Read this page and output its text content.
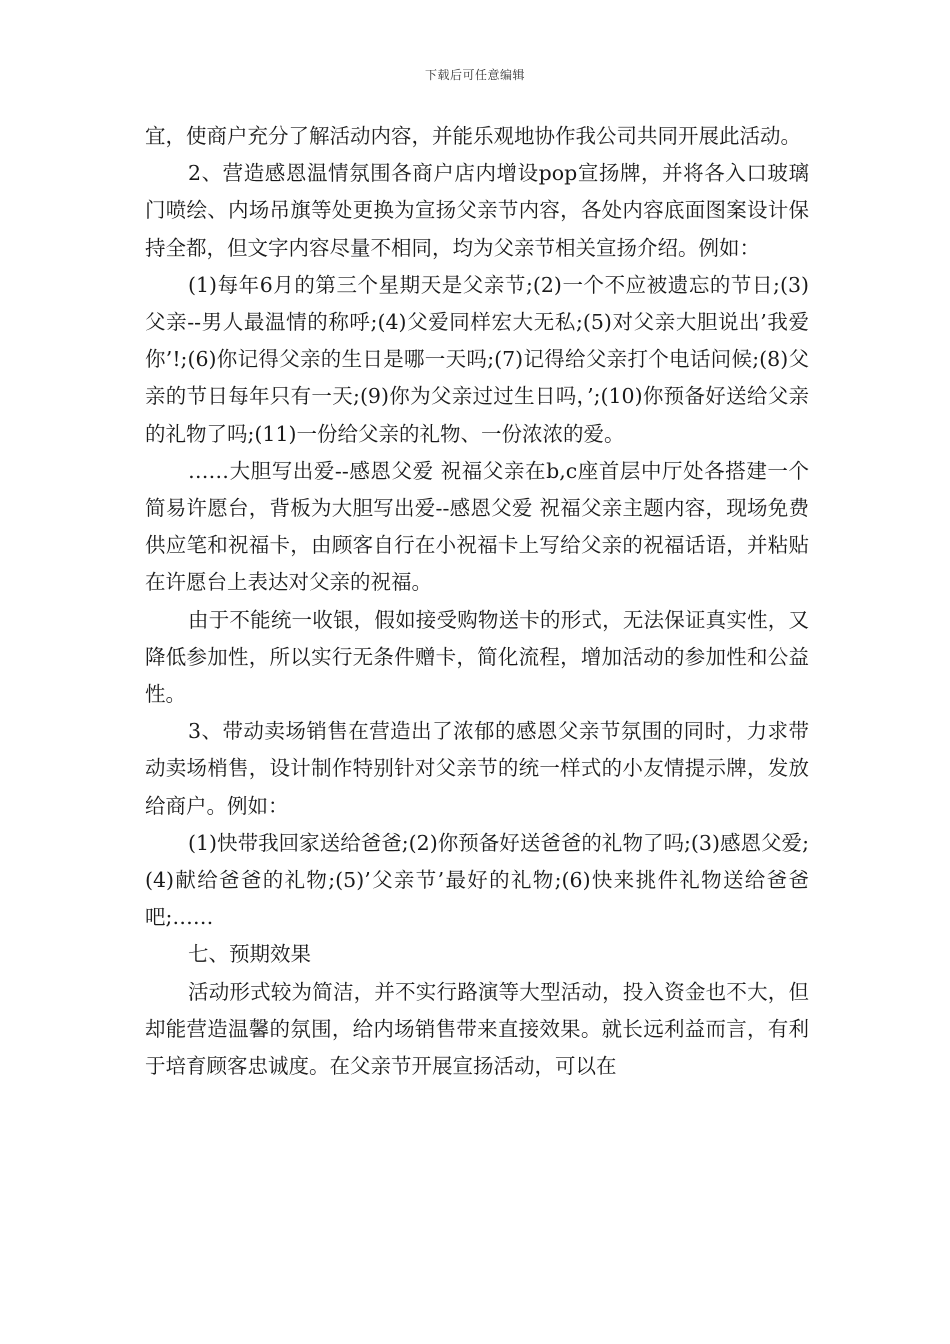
下载后可任意编辑

宜，使商户充分了解活动内容，并能乐观地协作我公司共同开展此活动。

2、营造感恩温情氛围各商户店内增设pop宣扬牌，并将各入口玻璃门喷绘、内场吊旗等处更换为宣扬父亲节内容，各处内容底面图案设计保持全都，但文字内容尽量不相同，均为父亲节相关宣扬介绍。例如：

(1)每年6月的第三个星期天是父亲节;(2)一个不应被遗忘的节日;(3)父亲--男人最温情的称呼;(4)父爱同样宏大无私;(5)对父亲大胆说出’我爱你’!;(6)你记得父亲的生日是哪一天吗;(7)记得给父亲打个电话问候;(8)父亲的节日每年只有一天;(9)你为父亲过过生日吗，’;(10)你预备好送给父亲的礼物了吗;(11)一份给父亲的礼物、一份浓浓的爱。

……大胆写出爱--感恩父爱 祝福父亲在b,c座首层中厅处各搭建一个简易许愿台，背板为大胆写出爱--感恩父爱 祝福父亲主题内容，现场免费供应笔和祝福卡，由顾客自行在小祝福卡上写给父亲的祝福话语，并粘贴在许愿台上表达对父亲的祝福。

由于不能统一收银，假如接受购物送卡的形式，无法保证真实性，又降低参加性，所以实行无条件赠卡，简化流程，增加活动的参加性和公益性。

3、带动卖场销售在营造出了浓郁的感恩父亲节氛围的同时，力求带动卖场梢售，设计制作特别针对父亲节的统一样式的小友情提示牌，发放给商户。例如：

(1)快带我回家送给爸爸;(2)你预备好送爸爸的礼物了吗;(3)感恩父爱;(4)献给爸爸的礼物;(5)’父亲节’最好的礼物;(6)快来挑件礼物送给爸爸吧;……

七、预期效果

活动形式较为简洁，并不实行路演等大型活动，投入资金也不大，但却能营造温馨的氛围，给内场销售带来直接效果。就长远利益而言，有利于培育顾客忠诚度。在父亲节开展宣扬活动，可以在
